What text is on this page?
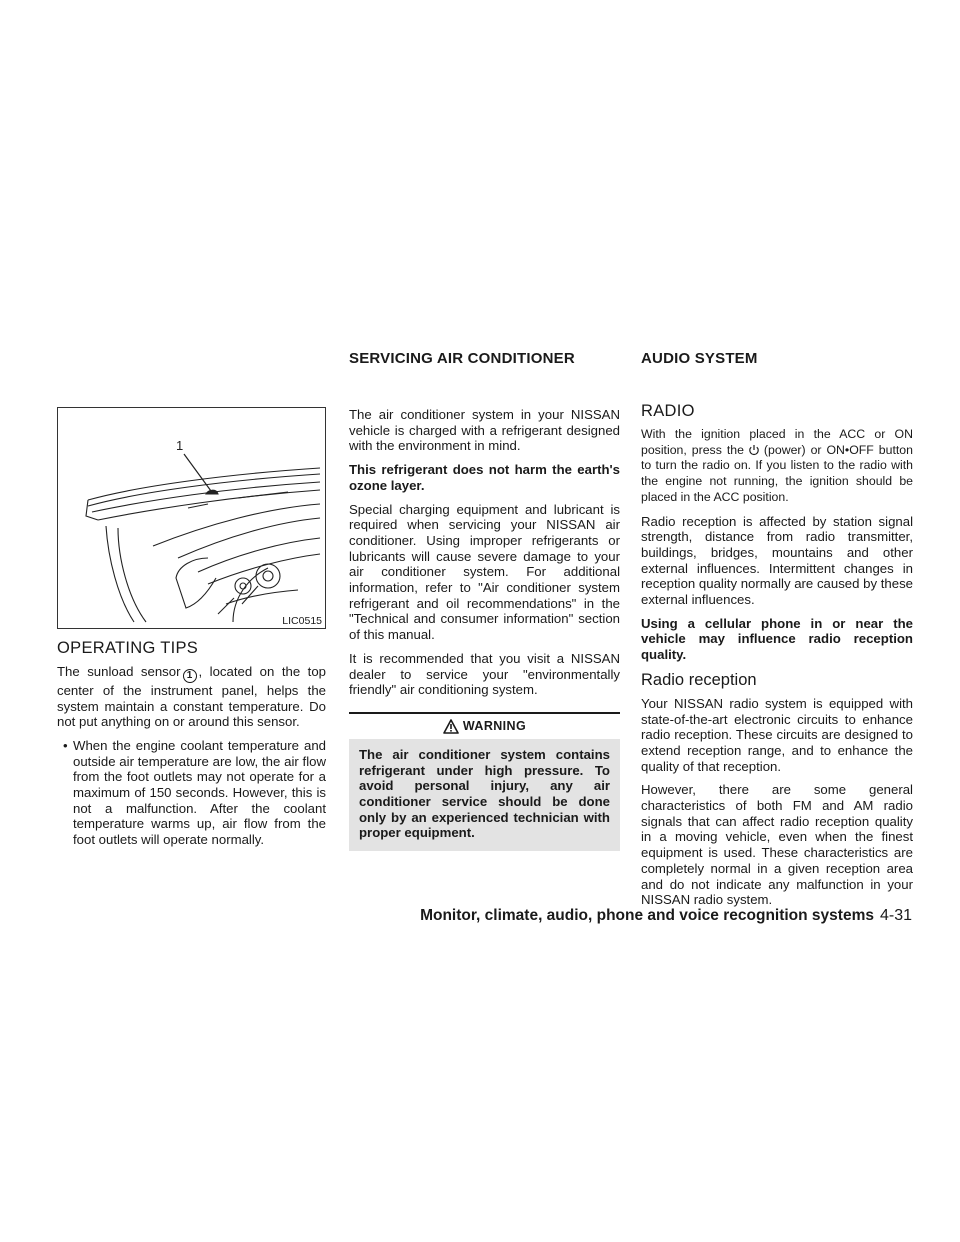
SERVICING AIR CONDITIONER	AUDIO SYSTEM
1
LIC0515
OPERATING TIPS

The sunload sensor 1 , located on the top center of the instrument panel, helps the system maintain a constant temperature. Do not put anything on or around this sensor.

• When the engine coolant temperature and outside air temperature are low, the air flow from the foot outlets may not operate for a maximum of 150 seconds. However, this is not a malfunction. After the coolant temperature warms up, air flow from the foot outlets will operate normally.

The air conditioner system in your NISSAN vehicle is charged with a refrigerant designed with the environment in mind.

This refrigerant does not harm the earth's ozone layer.

Special charging equipment and lubricant is required when servicing your NISSAN air conditioner. Using improper refrigerants or lubricants will cause severe damage to your air conditioner system. For additional information, refer to "Air conditioner system refrigerant and oil recommendations" in the "Technical and consumer information" section of this manual.

It is recommended that you visit a NISSAN dealer to service your "environmentally friendly" air conditioning system.

WARNING

The air conditioner system contains refrigerant under high pressure. To avoid personal injury, any air conditioner service should be done only by an experienced technician with proper equipment.

RADIO

With the ignition placed in the ACC or ON position, press the (power) or ON•OFF button to turn the radio on. If you listen to the radio with the engine not running, the ignition should be placed in the ACC position.

Radio reception is affected by station signal strength, distance from radio transmitter, buildings, bridges, mountains and other external influences. Intermittent changes in reception quality normally are caused by these external influences.

Using a cellular phone in or near the vehicle may influence radio reception quality.

Radio reception

Your NISSAN radio system is equipped with state-of-the-art electronic circuits to enhance radio reception. These circuits are designed to extend reception range, and to enhance the quality of that reception.

However, there are some general characteristics of both FM and AM radio signals that can affect radio reception quality in a moving vehicle, even when the finest equipment is used. These characteristics are completely normal in a given reception area and do not indicate any malfunction in your NISSAN radio system.

Monitor, climate, audio, phone and voice recognition systems 4-31
